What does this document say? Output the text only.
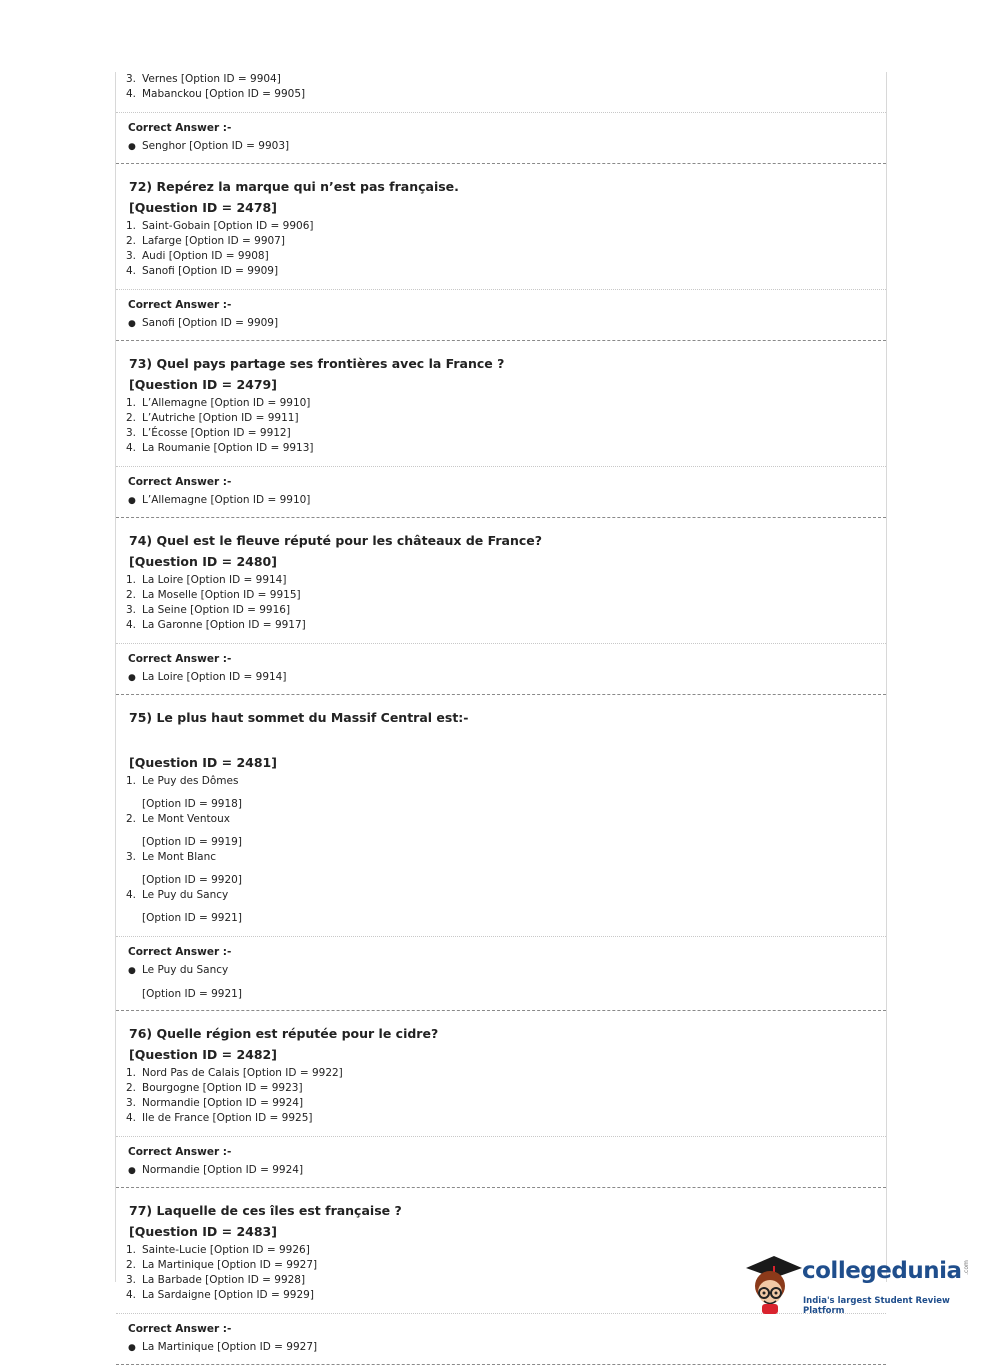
3. Vernes [Option ID = 9904]
4. Mabanckou [Option ID = 9905]
Correct Answer :-
● Senghor [Option ID = 9903]
72) Repérez la marque qui n’est pas française.
[Question ID = 2478]
1. Saint-Gobain [Option ID = 9906]
2. Lafarge [Option ID = 9907]
3. Audi [Option ID = 9908]
4. Sanofi [Option ID = 9909]
Correct Answer :-
● Sanofi [Option ID = 9909]
73) Quel pays partage ses frontières avec la France ?
[Question ID = 2479]
1. L’Allemagne [Option ID = 9910]
2. L’Autriche [Option ID = 9911]
3. L’Écosse [Option ID = 9912]
4. La Roumanie [Option ID = 9913]
Correct Answer :-
● L’Allemagne [Option ID = 9910]
74) Quel est le fleuve réputé pour les châteaux de France?
[Question ID = 2480]
1. La Loire [Option ID = 9914]
2. La Moselle [Option ID = 9915]
3. La Seine [Option ID = 9916]
4. La Garonne [Option ID = 9917]
Correct Answer :-
● La Loire [Option ID = 9914]
75) Le plus haut sommet du Massif Central est:-
[Question ID = 2481]
1. Le Puy des Dômes
[Option ID = 9918]
2. Le Mont Ventoux
[Option ID = 9919]
3. Le Mont Blanc
[Option ID = 9920]
4. Le Puy du Sancy
[Option ID = 9921]
Correct Answer :-
● Le Puy du Sancy
[Option ID = 9921]
76) Quelle région est réputée pour le cidre?
[Question ID = 2482]
1. Nord Pas de Calais [Option ID = 9922]
2. Bourgogne [Option ID = 9923]
3. Normandie [Option ID = 9924]
4. Ile de France [Option ID = 9925]
Correct Answer :-
● Normandie [Option ID = 9924]
77) Laquelle de ces îles est française ?
[Question ID = 2483]
1. Sainte-Lucie [Option ID = 9926]
2. La Martinique [Option ID = 9927]
3. La Barbade [Option ID = 9928]
4. La Sardaigne [Option ID = 9929]
Correct Answer :-
● La Martinique [Option ID = 9927]
collegedunia .com
India's largest Student Review Platform
